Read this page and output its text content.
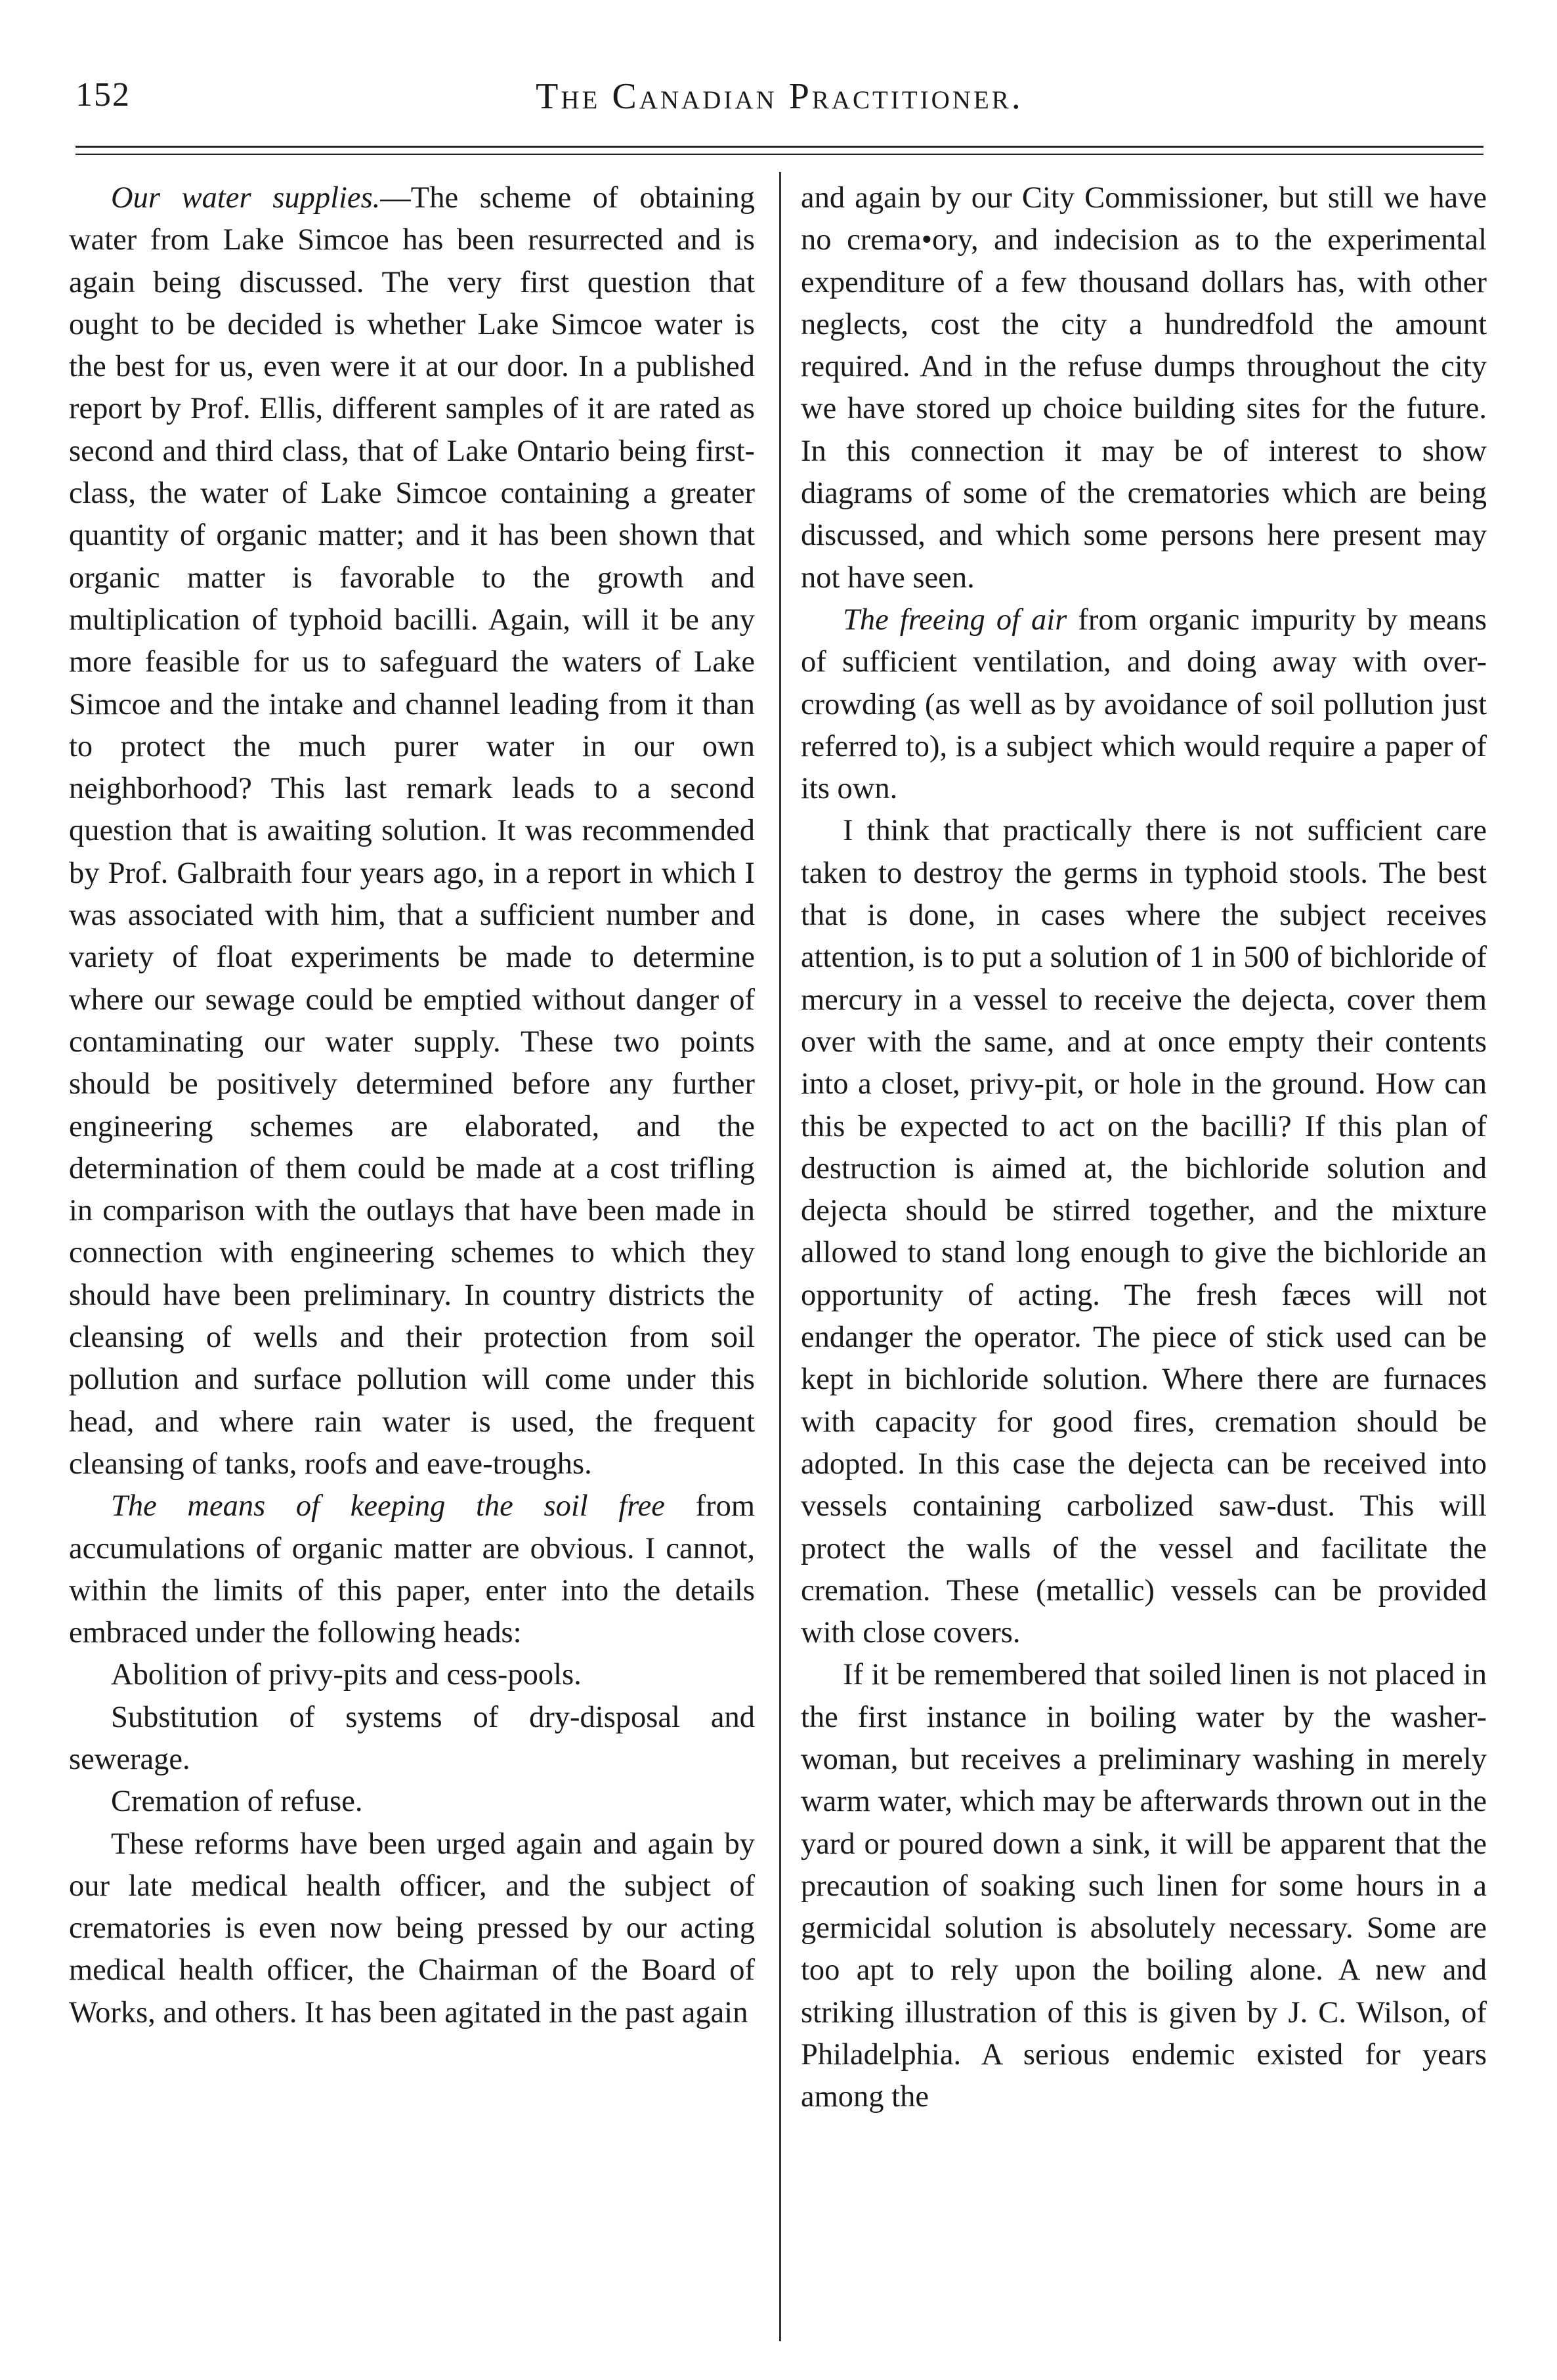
152	The Canadian Practitioner.

Our water supplies.—The scheme of obtaining water from Lake Simcoe has been resurrected and is again being discussed. The very first question that ought to be decided is whether Lake Simcoe water is the best for us, even were it at our door. In a published report by Prof. Ellis, different samples of it are rated as second and third class, that of Lake Ontario being first-class, the water of Lake Simcoe containing a greater quantity of organic matter; and it has been shown that organic matter is favorable to the growth and multiplication of typhoid bacilli. Again, will it be any more feasible for us to safeguard the waters of Lake Simcoe and the intake and channel leading from it than to protect the much purer water in our own neighborhood? This last remark leads to a second question that is awaiting solution. It was recommended by Prof. Galbraith four years ago, in a report in which I was associated with him, that a sufficient number and variety of float experiments be made to determine where our sewage could be emptied without danger of contaminating our water supply. These two points should be positively determined before any further engineering schemes are elaborated, and the determination of them could be made at a cost trifling in comparison with the outlays that have been made in connection with engineering schemes to which they should have been preliminary. In country districts the cleansing of wells and their protection from soil pollution and surface pollution will come under this head, and where rain water is used, the frequent cleansing of tanks, roofs and eave-troughs.

The means of keeping the soil free from accumulations of organic matter are obvious. I cannot, within the limits of this paper, enter into the details embraced under the following heads:

Abolition of privy-pits and cess-pools.

Substitution of systems of dry-disposal and sewerage.

Cremation of refuse.

These reforms have been urged again and again by our late medical health officer, and the subject of crematories is even now being pressed by our acting medical health officer, the Chairman of the Board of Works, and others. It has been agitated in the past again

and again by our City Commissioner, but still we have no crema•ory, and indecision as to the experimental expenditure of a few thousand dollars has, with other neglects, cost the city a hundredfold the amount required. And in the refuse dumps throughout the city we have stored up choice building sites for the future. In this connection it may be of interest to show diagrams of some of the crematories which are being discussed, and which some persons here present may not have seen.

The freeing of air from organic impurity by means of sufficient ventilation, and doing away with over-crowding (as well as by avoidance of soil pollution just referred to), is a subject which would require a paper of its own.

I think that practically there is not sufficient care taken to destroy the germs in typhoid stools. The best that is done, in cases where the subject receives attention, is to put a solution of 1 in 500 of bichloride of mercury in a vessel to receive the dejecta, cover them over with the same, and at once empty their contents into a closet, privy-pit, or hole in the ground. How can this be expected to act on the bacilli? If this plan of destruction is aimed at, the bichloride solution and dejecta should be stirred together, and the mixture allowed to stand long enough to give the bichloride an opportunity of acting. The fresh fæces will not endanger the operator. The piece of stick used can be kept in bichloride solution. Where there are furnaces with capacity for good fires, cremation should be adopted. In this case the dejecta can be received into vessels containing carbolized saw-dust. This will protect the walls of the vessel and facilitate the cremation. These (metallic) vessels can be provided with close covers.

If it be remembered that soiled linen is not placed in the first instance in boiling water by the washer-woman, but receives a preliminary washing in merely warm water, which may be afterwards thrown out in the yard or poured down a sink, it will be apparent that the precaution of soaking such linen for some hours in a germicidal solution is absolutely necessary. Some are too apt to rely upon the boiling alone. A new and striking illustration of this is given by J. C. Wilson, of Philadelphia. A serious endemic existed for years among the
